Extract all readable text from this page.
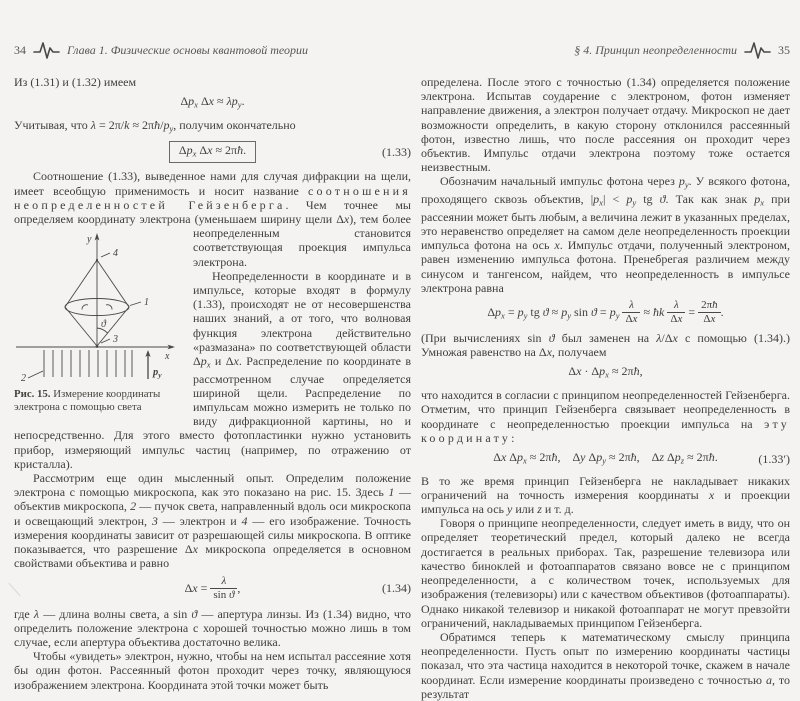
34	Глава 1. Физические основы квантовой теории
Из (1.31) и (1.32) имеем
$\Delta p_x$ $\Delta x \approx \lambda p_y$.
Учитывая, что $\lambda = 2\pi/k \approx 2\pi ħ/p_y$, получим окончательно
$\Delta p_x$ Δx ≈ 2πħ.	(1.33)
Соотношение (1.33), выведенное нами для случая дифракции на щели, имеет всеобщую применимость и носит название соотношения неопределенностей Гейзенберга. Чем точнее мы определяем координату электрона (уменьшаем ширину щели Δx), тем
y
x
4
1
3
2
ϑ
$p_y$
Рис. 15. Измерение координаты электрона с помощью света
более неопределенным становится соответствующая проекция импульса электрона.
Неопределенности в координате и в импульсе, которые входят в формулу (1.33), происходят не от несовершенства наших знаний, а от того, что волновая функция электрона действительно «размазана» по соответствующей области $\Delta p_x$ и Δx. Распределение по координате в рассмотренном случае определяется шириной щели. Распределение по импульсам можно измерить не только по виду дифракционной картины, но и непосредственно. Для этого вместо фотопластинки нужно установить прибор, измеряющий импульс частиц (например, по отражению от кристалла).
Рассмотрим еще один мысленный опыт. Определим положение электрона с помощью микроскопа, как это показано на рис. 15. Здесь 1 — объектив микроскопа, 2 — пучок света, направленный вдоль оси микроскопа и освещающий электрон, 3 — электрон и 4 — его изображение. Точность измерения координаты зависит от разрешающей силы микроскопа. В оптике показывается, что разрешение Δx микроскопа определяется в основном свойствами объектива и равно
$\Delta x = \frac{\lambda}{\text{sin ϑ}}$ ,	(1.34)
где λ — длина волны света, а sin ϑ — апертура линзы. Из (1.34) видно, что определить положение электрона с хорошей точностью можно лишь в том случае, если апертура объектива достаточно велика.
Чтобы «увидеть» электрон, нужно, чтобы на нем испытал рассеяние хотя бы один фотон. Рассеянный фотон проходит через точку, являющуюся изображением электрона. Координата этой точки может быть
§ 4. Принцип неопределенности	35
определена. После этого с точностью (1.34) определяется положение электрона. Испытав соударение с электроном, фотон изменяет направление движения, а электрон получает отдачу. Микроскоп не дает возможности определить, в какую сторону отклонился рассеянный фотон, известно лишь, что после рассеяния он проходит через объектив. Импульс отдачи электрона поэтому тоже остается неизвестным.
Обозначим начальный импульс фотона через $p_y$. У всякого фотона, проходящего сквозь объектив, $|p_x| < p_y$ tg ϑ. Так как знак $p_x$ при рассеянии может быть любым, а величина лежит в указанных пределах, это неравенство определяет на самом деле неопределенность проекции импульса фотона на ось x. Импульс отдачи, полученный электроном, равен изменению импульса фотона. Пренебрегая различием между синусом и тангенсом, найдем, что неопределенность в импульсе электрона равна
$\Delta p_x = p_y$ tg $ϑ \approx p_y$ $\sin ϑ = p_y \frac{\lambda}{\Delta x}$ ≈ ħk $\frac{\lambda}{\Delta x} = \frac{2\pi ħ}{\Delta x}$ .
(При вычислениях sin ϑ был заменен на λ/Δx с помощью (1.34).) Умножая равенство на Δx, получаем
$\Delta x \cdot \Delta p_x$ ≈ 2πħ,
что находится в согласии с принципом неопределенностей Гейзенберга. Отметим, что принцип Гейзенберга связывает неопределенность в координате с неопределенностью проекции импульса на эту координату:
Δx $\Delta p_x$ ≈ 2πħ,    Δy $\Delta p_y$ ≈ 2πħ,    Δz $\Delta p_z$ ≈ 2πħ.	(1.33′)
В то же время принцип Гейзенберга не накладывает никаких ограничений на точность измерения координаты x и проекции импульса на ось y или z и т. д.
Говоря о принципе неопределенности, следует иметь в виду, что он определяет теоретический предел, который далеко не всегда достигается в реальных приборах. Так, разрешение телевизора или качество биноклей и фотоаппаратов связано вовсе не с принципом неопределенности, а с количеством точек, используемых для изображения (телевизоры) или с качеством объективов (фотоаппараты). Однако никакой телевизор и никакой фотоаппарат не могут превзойти ограничений, накладываемых принципом Гейзенберга.
Обратимся теперь к математическому смыслу принципа неопределенности. Пусть опыт по измерению координаты частицы показал, что эта частица находится в некоторой точке, скажем в начале координат. Если измерение координаты произведено с точностью a, то результат
